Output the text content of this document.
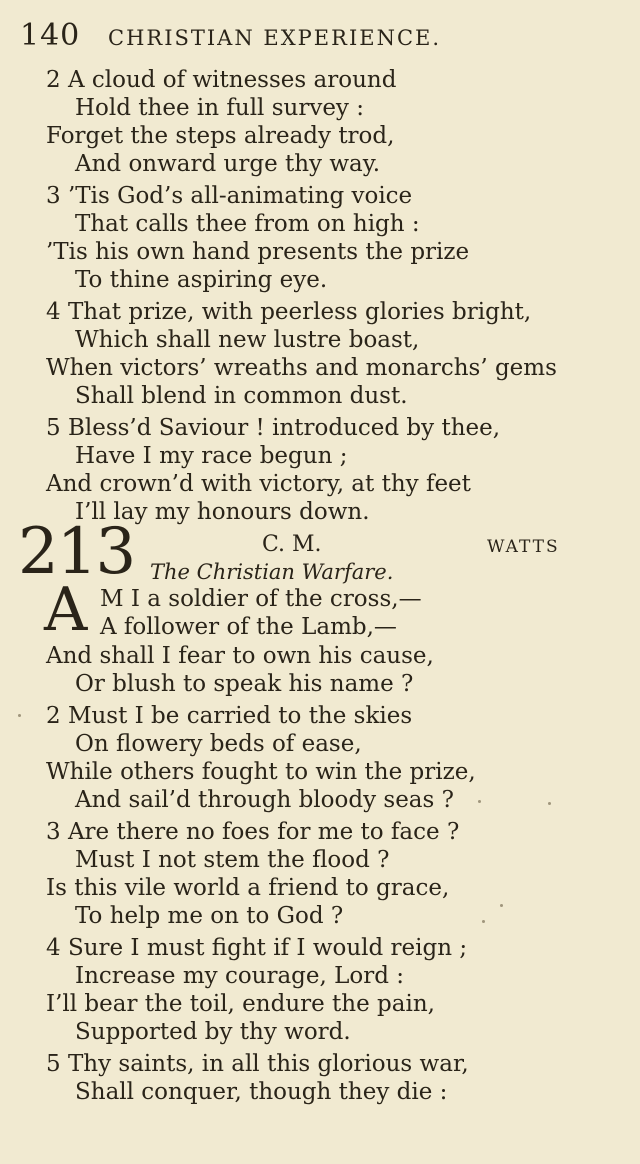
140 CHRISTIAN EXPERIENCE.
2 A cloud of witnesses around
Hold thee in full survey :
Forget the steps already trod,
And onward urge thy way.
3 ’Tis God’s all-animating voice
That calls thee from on high :
’Tis his own hand presents the prize
To thine aspiring eye.
4 That prize, with peerless glories bright,
Which shall new lustre boast,
When victors’ wreaths and monarchs’ gems
Shall blend in common dust.
5 Bless’d Saviour ! introduced by thee,
Have I my race begun ;
And crown’d with victory, at thy feet
I’ll lay my honours down.
213	C. M.	WATTS
The Christian Warfare.
A M I a soldier of the cross,—
A follower of the Lamb,—
And shall I fear to own his cause,
Or blush to speak his name ?
2 Must I be carried to the skies
On flowery beds of ease,
While others fought to win the prize,
And sail’d through bloody seas ?
3 Are there no foes for me to face ?
Must I not stem the flood ?
Is this vile world a friend to grace,
To help me on to God ?
4 Sure I must fight if I would reign ;
Increase my courage, Lord :
I’ll bear the toil, endure the pain,
Supported by thy word.
5 Thy saints, in all this glorious war,
Shall conquer, though they die :
